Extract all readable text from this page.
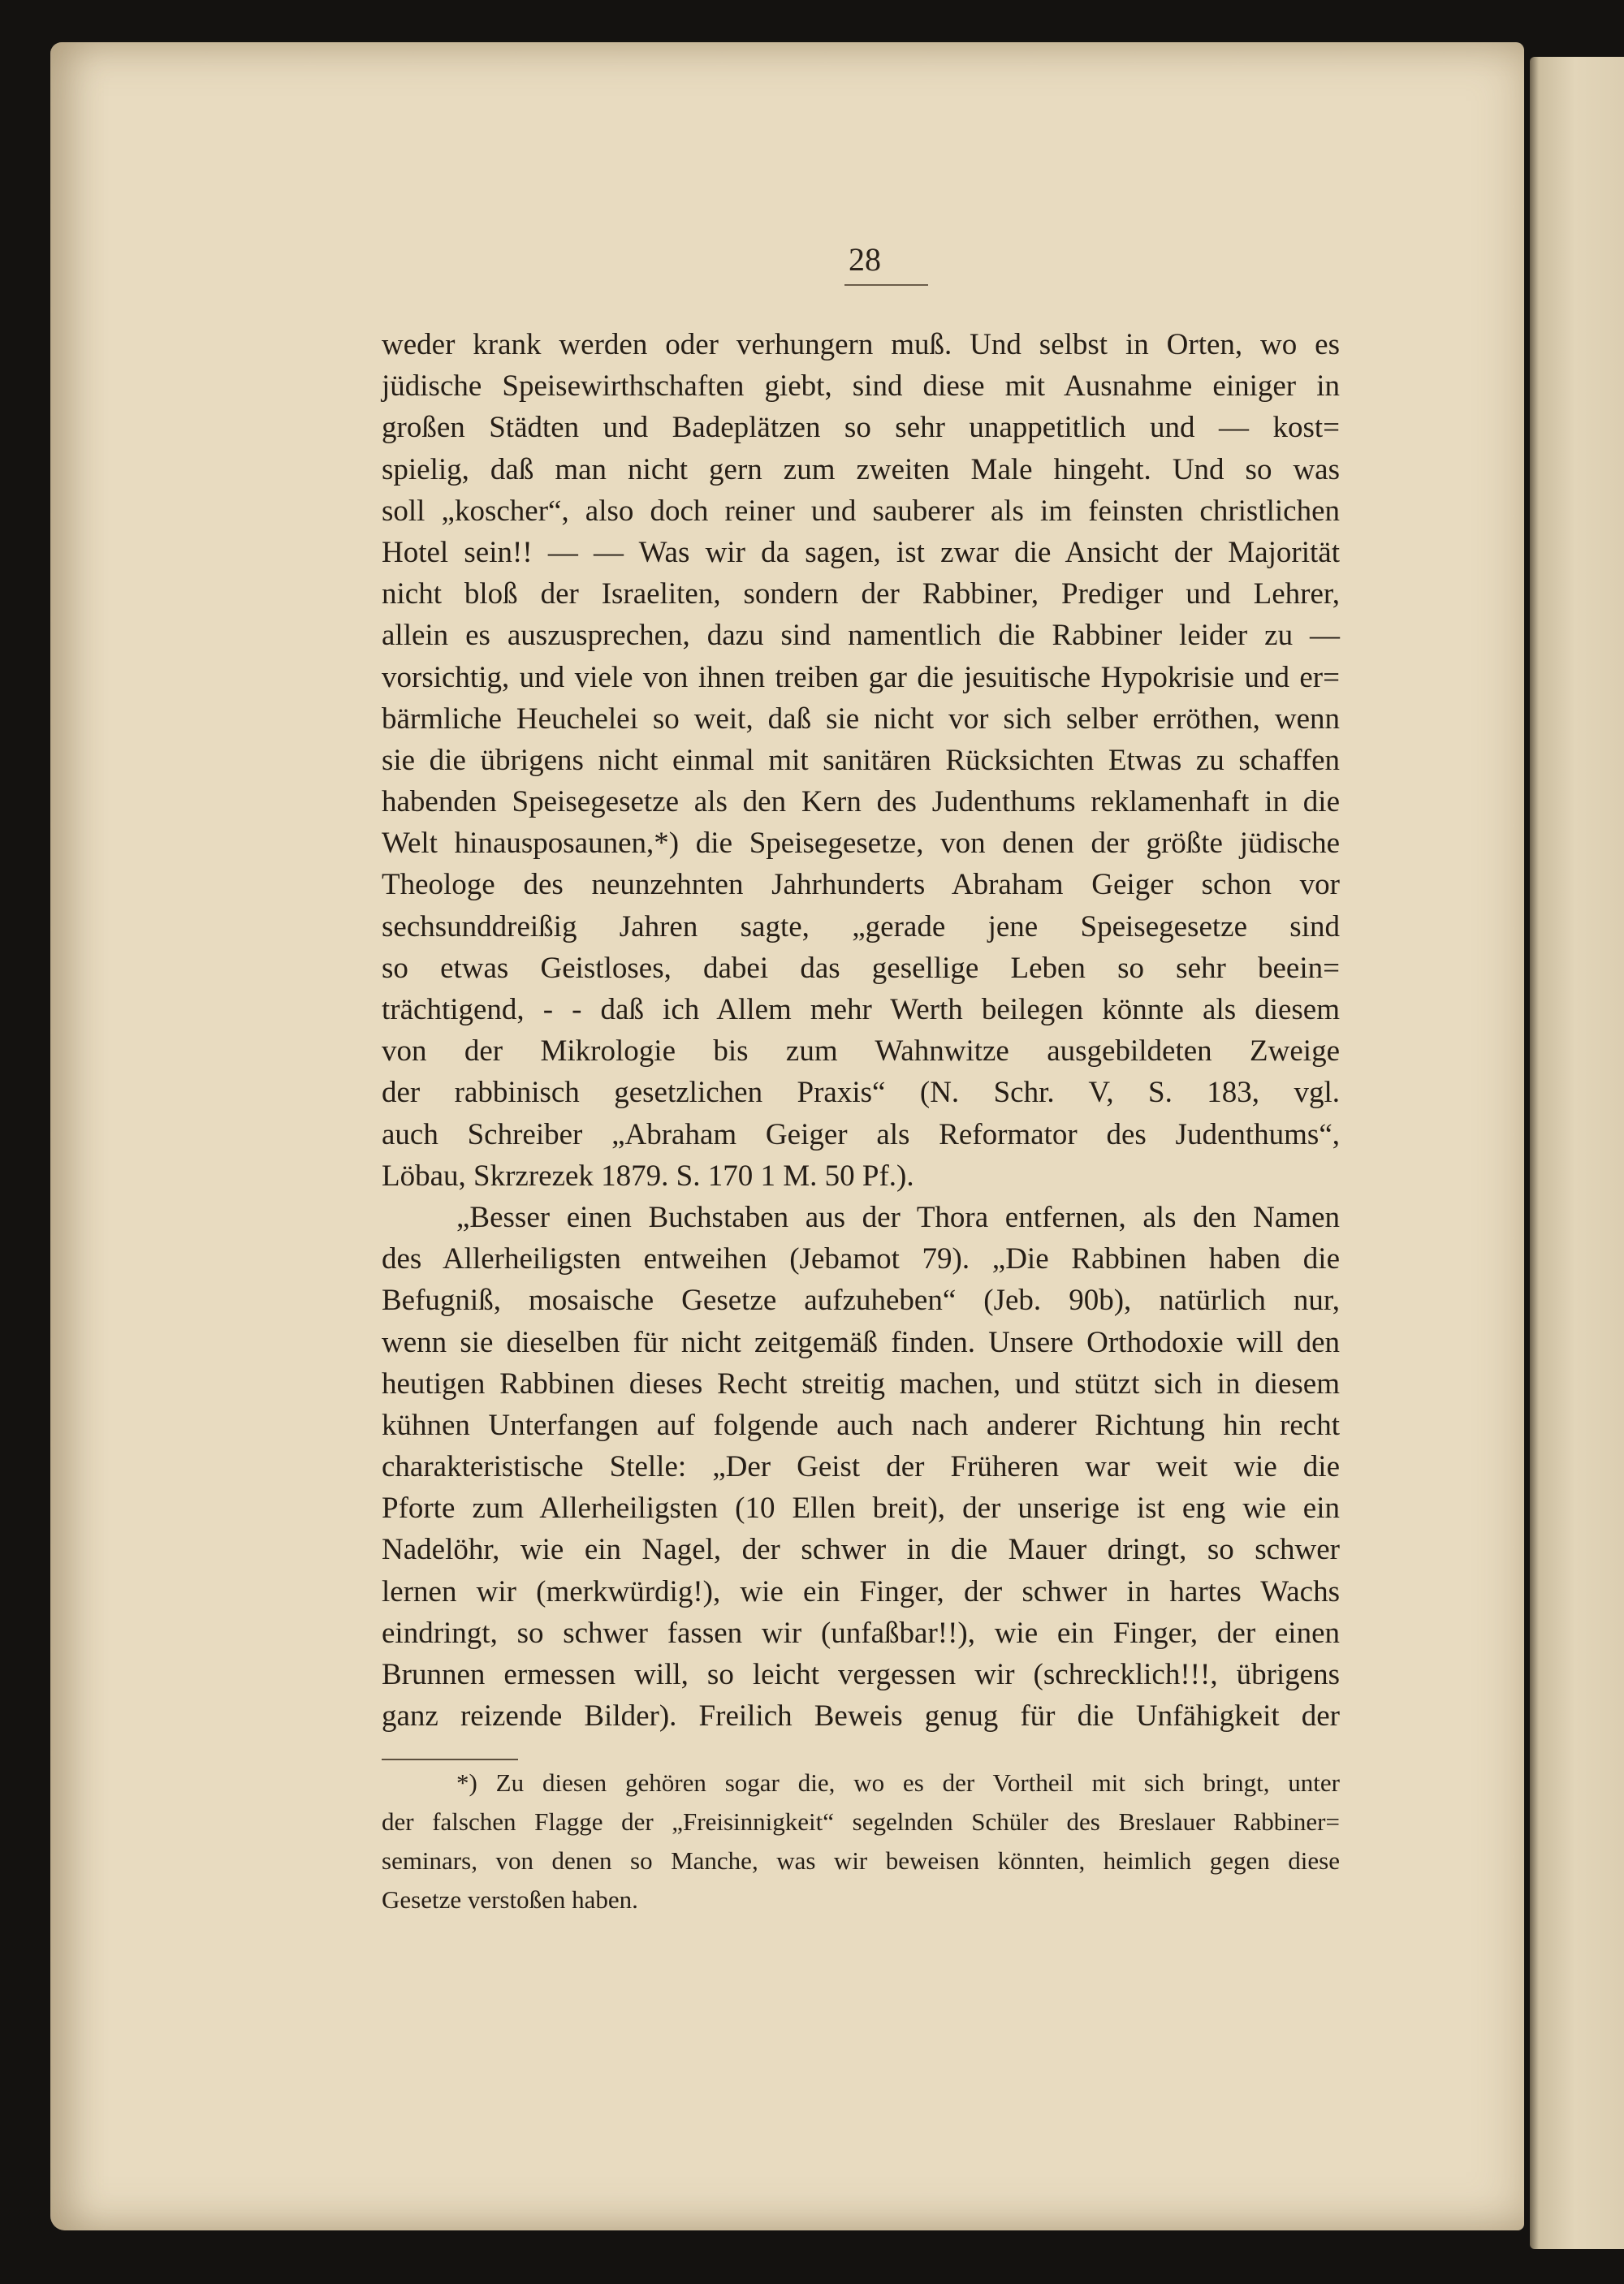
28
weder krank werden oder verhungern muß. Und selbst in Orten, wo es
jüdische Speisewirthschaften giebt, sind diese mit Ausnahme einiger in
großen Städten und Badeplätzen so sehr unappetitlich und — kost=
spielig, daß man nicht gern zum zweiten Male hingeht. Und so was
soll „koscher“, also doch reiner und sauberer als im feinsten christlichen
Hotel sein!! — — Was wir da sagen, ist zwar die Ansicht der Majorität
nicht bloß der Israeliten, sondern der Rabbiner, Prediger und Lehrer,
allein es auszusprechen, dazu sind namentlich die Rabbiner leider zu —
vorsichtig, und viele von ihnen treiben gar die jesuitische Hypokrisie und er=
bärmliche Heuchelei so weit, daß sie nicht vor sich selber erröthen, wenn
sie die übrigens nicht einmal mit sanitären Rücksichten Etwas zu schaffen
habenden Speisegesetze als den Kern des Judenthums reklamenhaft in die
Welt hinausposaunen,*) die Speisegesetze, von denen der größte jüdische
Theologe des neunzehnten Jahrhunderts Abraham Geiger schon vor
sechsunddreißig Jahren sagte, „gerade jene Speisegesetze sind
so etwas Geistloses, dabei das gesellige Leben so sehr beein=
trächtigend, - - daß ich Allem mehr Werth beilegen könnte als diesem
von der Mikrologie bis zum Wahnwitze ausgebildeten Zweige
der rabbinisch gesetzlichen Praxis“ (N. Schr. V, S. 183, vgl.
auch Schreiber „Abraham Geiger als Reformator des Judenthums“,
Löbau, Skrzrezek 1879. S. 170 1 M. 50 Pf.).
„Besser einen Buchstaben aus der Thora entfernen, als den Namen
des Allerheiligsten entweihen (Jebamot 79). „Die Rabbinen haben die
Befugniß, mosaische Gesetze aufzuheben“ (Jeb. 90b), natürlich nur,
wenn sie dieselben für nicht zeitgemäß finden. Unsere Orthodoxie will den
heutigen Rabbinen dieses Recht streitig machen, und stützt sich in diesem
kühnen Unterfangen auf folgende auch nach anderer Richtung hin recht
charakteristische Stelle: „Der Geist der Früheren war weit wie die
Pforte zum Allerheiligsten (10 Ellen breit), der unserige ist eng wie ein
Nadelöhr, wie ein Nagel, der schwer in die Mauer dringt, so schwer
lernen wir (merkwürdig!), wie ein Finger, der schwer in hartes Wachs
eindringt, so schwer fassen wir (unfaßbar!!), wie ein Finger, der einen
Brunnen ermessen will, so leicht vergessen wir (schrecklich!!!, übrigens
ganz reizende Bilder). Freilich Beweis genug für die Unfähigkeit der
*) Zu diesen gehören sogar die, wo es der Vortheil mit sich bringt, unter
der falschen Flagge der „Freisinnigkeit“ segelnden Schüler des Breslauer Rabbiner=
seminars, von denen so Manche, was wir beweisen könnten, heimlich gegen diese
Gesetze verstoßen haben.
